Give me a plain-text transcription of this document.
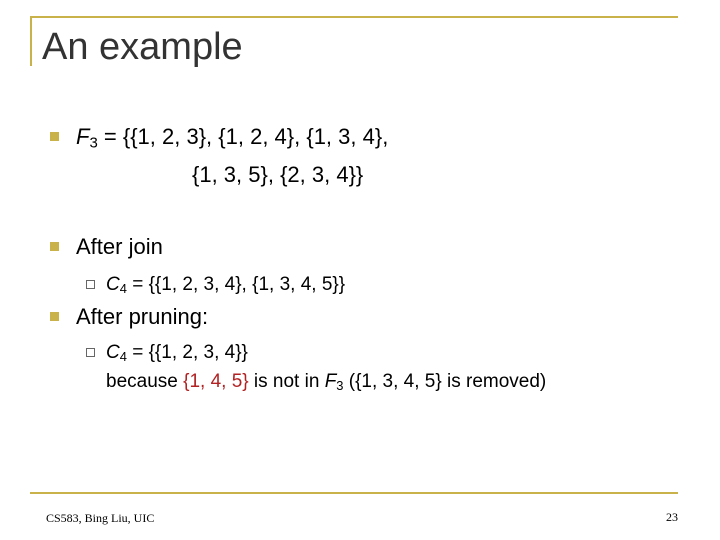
An example
$F_3 = \{\{1$, 2, 3}, {1, 2, 4}, {1, 3, 4},
{1, 3, 5}, {2, 3, 4}}
After join
$C_4 = \{\{1$, 2, 3, 4}, {1, 3, 4, 5}}
After pruning:
$C_4 = \{\{1$, 2, 3, 4}}
because {1, 4, 5} is not in $F_3$ ({1, 3, 4, 5} is removed)
CS583, Bing Liu, UIC	23
